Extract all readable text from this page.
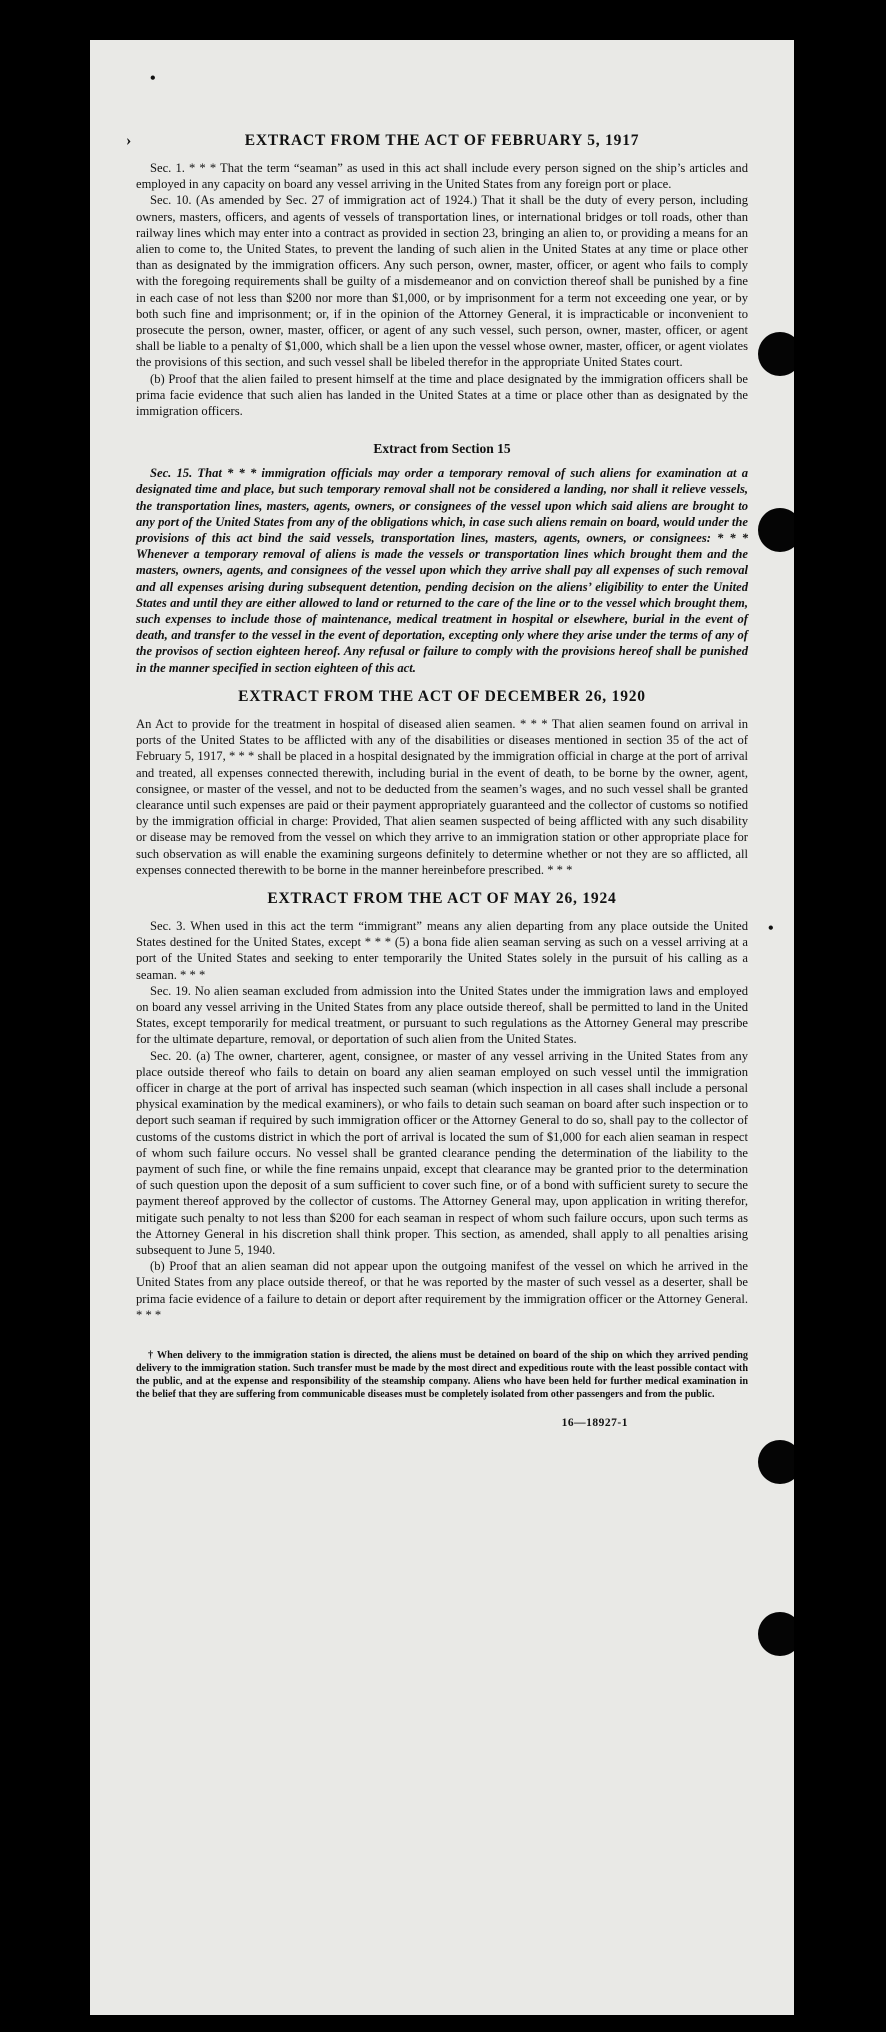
•
›
•
EXTRACT FROM THE ACT OF FEBRUARY 5, 1917

Sec. 1. * * * That the term “seaman” as used in this act shall include every person signed on the ship’s articles and employed in any capacity on board any vessel arriving in the United States from any foreign port or place.

Sec. 10. (As amended by Sec. 27 of immigration act of 1924.) That it shall be the duty of every person, including owners, masters, officers, and agents of vessels of transportation lines, or international bridges or toll roads, other than railway lines which may enter into a contract as provided in section 23, bringing an alien to, or providing a means for an alien to come to, the United States, to prevent the landing of such alien in the United States at any time or place other than as designated by the immigration officers. Any such person, owner, master, officer, or agent who fails to comply with the foregoing requirements shall be guilty of a misdemeanor and on conviction thereof shall be punished by a fine in each case of not less than $200 nor more than $1,000, or by imprisonment for a term not exceeding one year, or by both such fine and imprisonment; or, if in the opinion of the Attorney General, it is impracticable or inconvenient to prosecute the person, owner, master, officer, or agent of any such vessel, such person, owner, master, officer, or agent shall be liable to a penalty of $1,000, which shall be a lien upon the vessel whose owner, master, officer, or agent violates the provisions of this section, and such vessel shall be libeled therefor in the appropriate United States court.

(b) Proof that the alien failed to present himself at the time and place designated by the immigration officers shall be prima facie evidence that such alien has landed in the United States at a time or place other than as designated by the immigration officers.

Extract from Section 15

Sec. 15. That * * * immigration officials may order a temporary removal of such aliens for examination at a designated time and place, but such temporary removal shall not be considered a landing, nor shall it relieve vessels, the transportation lines, masters, agents, owners, or consignees of the vessel upon which said aliens are brought to any port of the United States from any of the obligations which, in case such aliens remain on board, would under the provisions of this act bind the said vessels, transportation lines, masters, agents, owners, or consignees: * * * Whenever a temporary removal of aliens is made the vessels or transportation lines which brought them and the masters, owners, agents, and consignees of the vessel upon which they arrive shall pay all expenses of such removal and all expenses arising during subsequent detention, pending decision on the aliens’ eligibility to enter the United States and until they are either allowed to land or returned to the care of the line or to the vessel which brought them, such expenses to include those of maintenance, medical treatment in hospital or elsewhere, burial in the event of death, and transfer to the vessel in the event of deportation, excepting only where they arise under the terms of any of the provisos of section eighteen hereof. Any refusal or failure to comply with the provisions hereof shall be punished in the manner specified in section eighteen of this act.

EXTRACT FROM THE ACT OF DECEMBER 26, 1920

An Act to provide for the treatment in hospital of diseased alien seamen. * * * That alien seamen found on arrival in ports of the United States to be afflicted with any of the disabilities or diseases mentioned in section 35 of the act of February 5, 1917, * * * shall be placed in a hospital designated by the immigration official in charge at the port of arrival and treated, all expenses connected therewith, including burial in the event of death, to be borne by the owner, agent, consignee, or master of the vessel, and not to be deducted from the seamen’s wages, and no such vessel shall be granted clearance until such expenses are paid or their payment appropriately guaranteed and the collector of customs so notified by the immigration official in charge: Provided, That alien seamen suspected of being afflicted with any such disability or disease may be removed from the vessel on which they arrive to an immigration station or other appropriate place for such observation as will enable the examining surgeons definitely to determine whether or not they are so afflicted, all expenses connected therewith to be borne in the manner hereinbefore prescribed. * * *

EXTRACT FROM THE ACT OF MAY 26, 1924

Sec. 3. When used in this act the term “immigrant” means any alien departing from any place outside the United States destined for the United States, except * * * (5) a bona fide alien seaman serving as such on a vessel arriving at a port of the United States and seeking to enter temporarily the United States solely in the pursuit of his calling as a seaman. * * *

Sec. 19. No alien seaman excluded from admission into the United States under the immigration laws and employed on board any vessel arriving in the United States from any place outside thereof, shall be permitted to land in the United States, except temporarily for medical treatment, or pursuant to such regulations as the Attorney General may prescribe for the ultimate departure, removal, or deportation of such alien from the United States.

Sec. 20. (a) The owner, charterer, agent, consignee, or master of any vessel arriving in the United States from any place outside thereof who fails to detain on board any alien seaman employed on such vessel until the immigration officer in charge at the port of arrival has inspected such seaman (which inspection in all cases shall include a personal physical examination by the medical examiners), or who fails to detain such seaman on board after such inspection or to deport such seaman if required by such immigration officer or the Attorney General to do so, shall pay to the collector of customs of the customs district in which the port of arrival is located the sum of $1,000 for each alien seaman in respect of whom such failure occurs. No vessel shall be granted clearance pending the determination of the liability to the payment of such fine, or while the fine remains unpaid, except that clearance may be granted prior to the determination of such question upon the deposit of a sum sufficient to cover such fine, or of a bond with sufficient surety to secure the payment thereof approved by the collector of customs. The Attorney General may, upon application in writing therefor, mitigate such penalty to not less than $200 for each seaman in respect of whom such failure occurs, upon such terms as the Attorney General in his discretion shall think proper. This section, as amended, shall apply to all penalties arising subsequent to June 5, 1940.

(b) Proof that an alien seaman did not appear upon the outgoing manifest of the vessel on which he arrived in the United States from any place outside thereof, or that he was reported by the master of such vessel as a deserter, shall be prima facie evidence of a failure to detain or deport after requirement by the immigration officer or the Attorney General. * * *

† When delivery to the immigration station is directed, the aliens must be detained on board of the ship on which they arrived pending delivery to the immigration station. Such transfer must be made by the most direct and expeditious route with the least possible contact with the public, and at the expense and responsibility of the steamship company. Aliens who have been held for further medical examination in the belief that they are suffering from communicable diseases must be completely isolated from other passengers and from the public.
16—18927-1
